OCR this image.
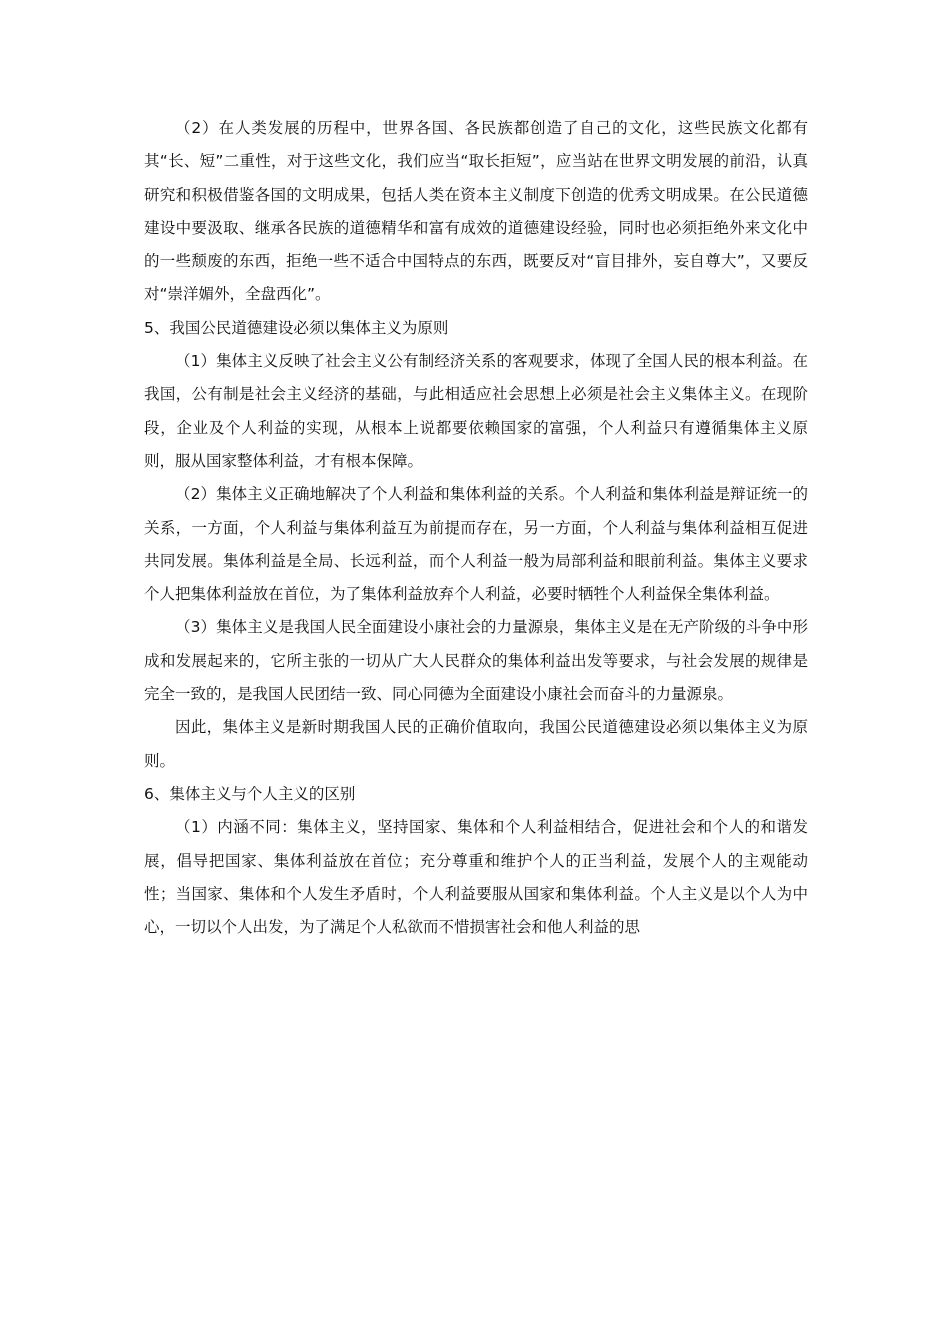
（2）在人类发展的历程中，世界各国、各民族都创造了自己的文化，这些民族文化都有其“长、短”二重性，对于这些文化，我们应当“取长拒短”，应当站在世界文明发展的前沿，认真研究和积极借鉴各国的文明成果，包括人类在资本主义制度下创造的优秀文明成果。在公民道德建设中要汲取、继承各民族的道德精华和富有成效的道德建设经验，同时也必须拒绝外来文化中的一些颓废的东西，拒绝一些不适合中国特点的东西，既要反对“盲目排外，妄自尊大”，又要反对“崇洋媚外，全盘西化”。

5、我国公民道德建设必须以集体主义为原则

（1）集体主义反映了社会主义公有制经济关系的客观要求，体现了全国人民的根本利益。在我国，公有制是社会主义经济的基础，与此相适应社会思想上必须是社会主义集体主义。在现阶段，企业及个人利益的实现，从根本上说都要依赖国家的富强，个人利益只有遵循集体主义原则，服从国家整体利益，才有根本保障。

（2）集体主义正确地解决了个人利益和集体利益的关系。个人利益和集体利益是辩证统一的关系，一方面，个人利益与集体利益互为前提而存在，另一方面，个人利益与集体利益相互促进共同发展。集体利益是全局、长远利益，而个人利益一般为局部利益和眼前利益。集体主义要求个人把集体利益放在首位，为了集体利益放弃个人利益，必要时牺牲个人利益保全集体利益。

（3）集体主义是我国人民全面建设小康社会的力量源泉，集体主义是在无产阶级的斗争中形成和发展起来的，它所主张的一切从广大人民群众的集体利益出发等要求，与社会发展的规律是完全一致的，是我国人民团结一致、同心同德为全面建设小康社会而奋斗的力量源泉。

因此，集体主义是新时期我国人民的正确价值取向，我国公民道德建设必须以集体主义为原则。

6、集体主义与个人主义的区别

（1）内涵不同：集体主义，坚持国家、集体和个人利益相结合，促进社会和个人的和谐发展，倡导把国家、集体利益放在首位；充分尊重和维护个人的正当利益，发展个人的主观能动性；当国家、集体和个人发生矛盾时，个人利益要服从国家和集体利益。个人主义是以个人为中心，一切以个人出发，为了满足个人私欲而不惜损害社会和他人利益的思
